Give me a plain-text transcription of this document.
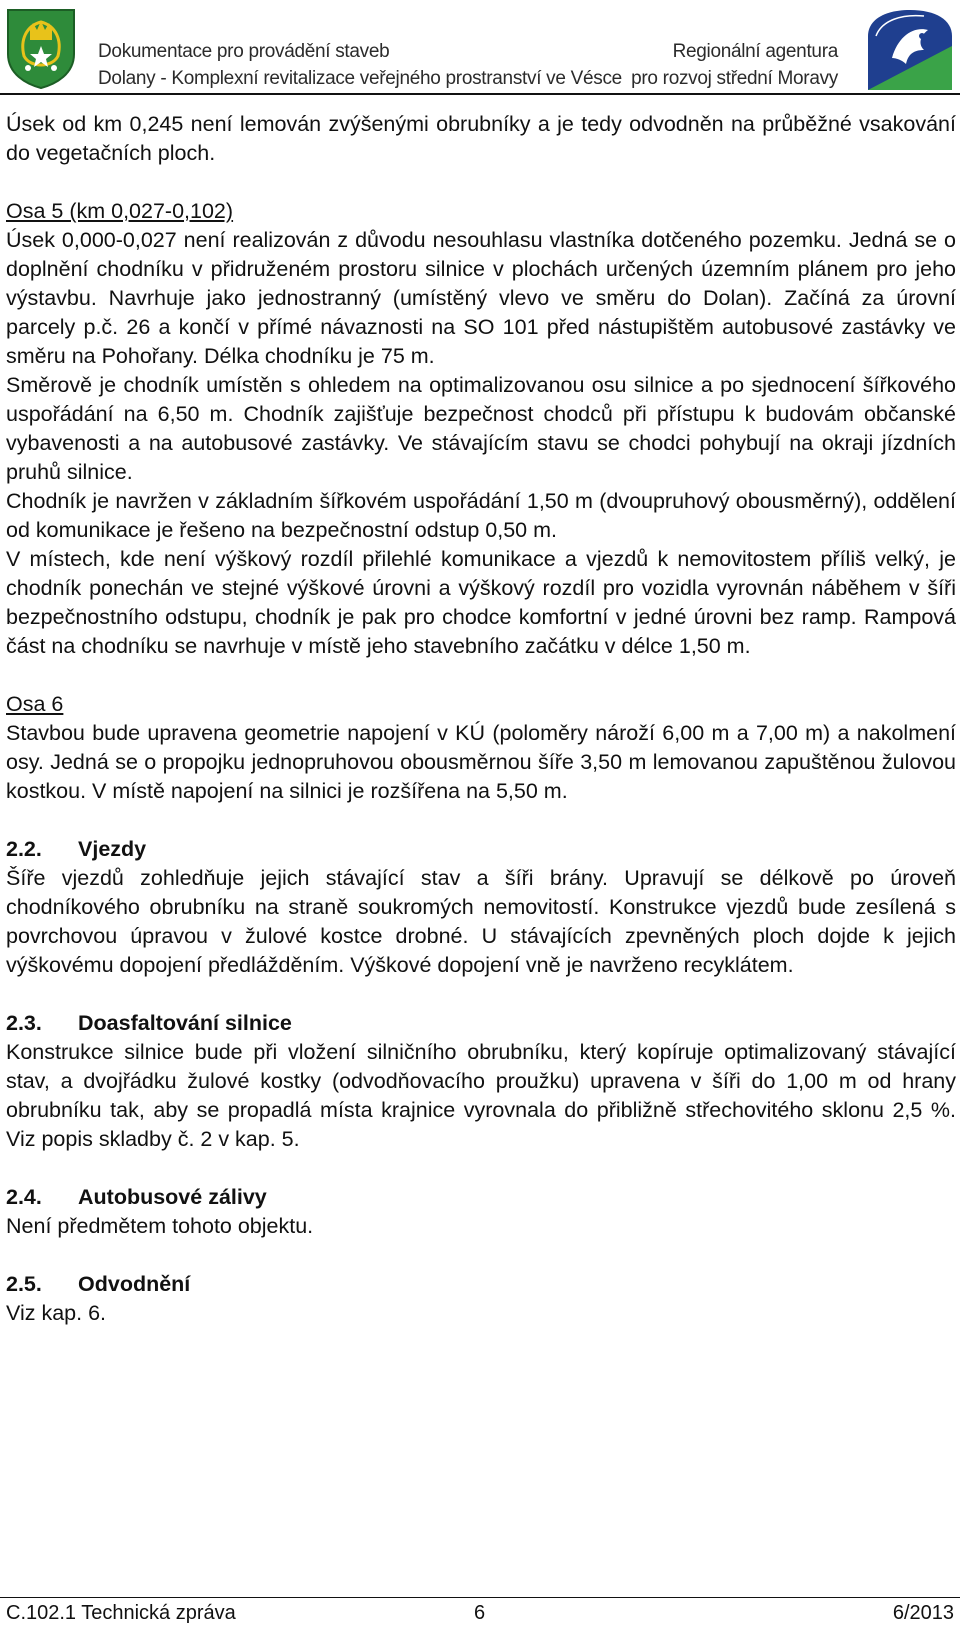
Dokumentace pro provádění staveb
Dolany - Komplexní revitalizace veřejného prostranství ve Vésce
Regionální agentura
pro rozvoj střední Moravy

Úsek od km 0,245 není lemován zvýšenými obrubníky a je tedy odvodněn na průběžné vsakování do vegetačních ploch.

Osa 5 (km 0,027-0,102)

Úsek 0,000-0,027 není realizován z důvodu nesouhlasu vlastníka dotčeného pozemku. Jedná se o doplnění chodníku v přidruženém prostoru silnice v plochách určených územním plánem pro jeho výstavbu. Navrhuje jako jednostranný (umístěný vlevo ve směru do Dolan). Začíná za úrovní parcely p.č. 26 a končí v přímé návaznosti na SO 101 před nástupištěm autobusové zastávky ve směru na Pohořany. Délka chodníku je 75 m.

Směrově je chodník umístěn s ohledem na optimalizovanou osu silnice a po sjednocení šířkového uspořádání na 6,50 m. Chodník zajišťuje bezpečnost chodců při přístupu k budovám občanské vybavenosti a na autobusové zastávky. Ve stávajícím stavu se chodci pohybují na okraji jízdních pruhů silnice.

Chodník je navržen v základním šířkovém uspořádání 1,50 m (dvoupruhový obousměrný), oddělení od komunikace je řešeno na bezpečnostní odstup 0,50 m.

V místech, kde není výškový rozdíl přilehlé komunikace a vjezdů k nemovitostem příliš velký, je chodník ponechán ve stejné výškové úrovni a výškový rozdíl pro vozidla vyrovnán náběhem v šíři bezpečnostního odstupu, chodník je pak pro chodce komfortní v jedné úrovni bez ramp. Rampová část na chodníku se navrhuje v místě jeho stavebního začátku v délce 1,50 m.

Osa 6

Stavbou bude upravena geometrie napojení v KÚ (poloměry nároží 6,00 m a 7,00 m) a nakolmení osy. Jedná se o propojku jednopruhovou obousměrnou šíře 3,50 m lemovanou zapuštěnou žulovou kostkou. V místě napojení na silnici je rozšířena na 5,50 m.

2.2. Vjezdy

Šíře vjezdů zohledňuje jejich stávající stav a šíři brány. Upravují se délkově po úroveň chodníkového obrubníku na straně soukromých nemovitostí. Konstrukce vjezdů bude zesílená s povrchovou úpravou v žulové kostce drobné. U stávajících zpevněných ploch dojde k jejich výškovému dopojení předlážděním. Výškové dopojení vně je navrženo recyklátem.

2.3. Doasfaltování silnice

Konstrukce silnice bude při vložení silničního obrubníku, který kopíruje optimalizovaný stávající stav, a dvojřádku žulové kostky (odvodňovacího proužku) upravena v šíři do 1,00 m od hrany obrubníku tak, aby se propadlá místa krajnice vyrovnala do přibližně střechovitého sklonu 2,5 %. Viz popis skladby č. 2 v kap. 5.

2.4. Autobusové zálivy

Není předmětem tohoto objektu.

2.5. Odvodnění

Viz kap. 6.

C.102.1 Technická zpráva	6	6/2013
